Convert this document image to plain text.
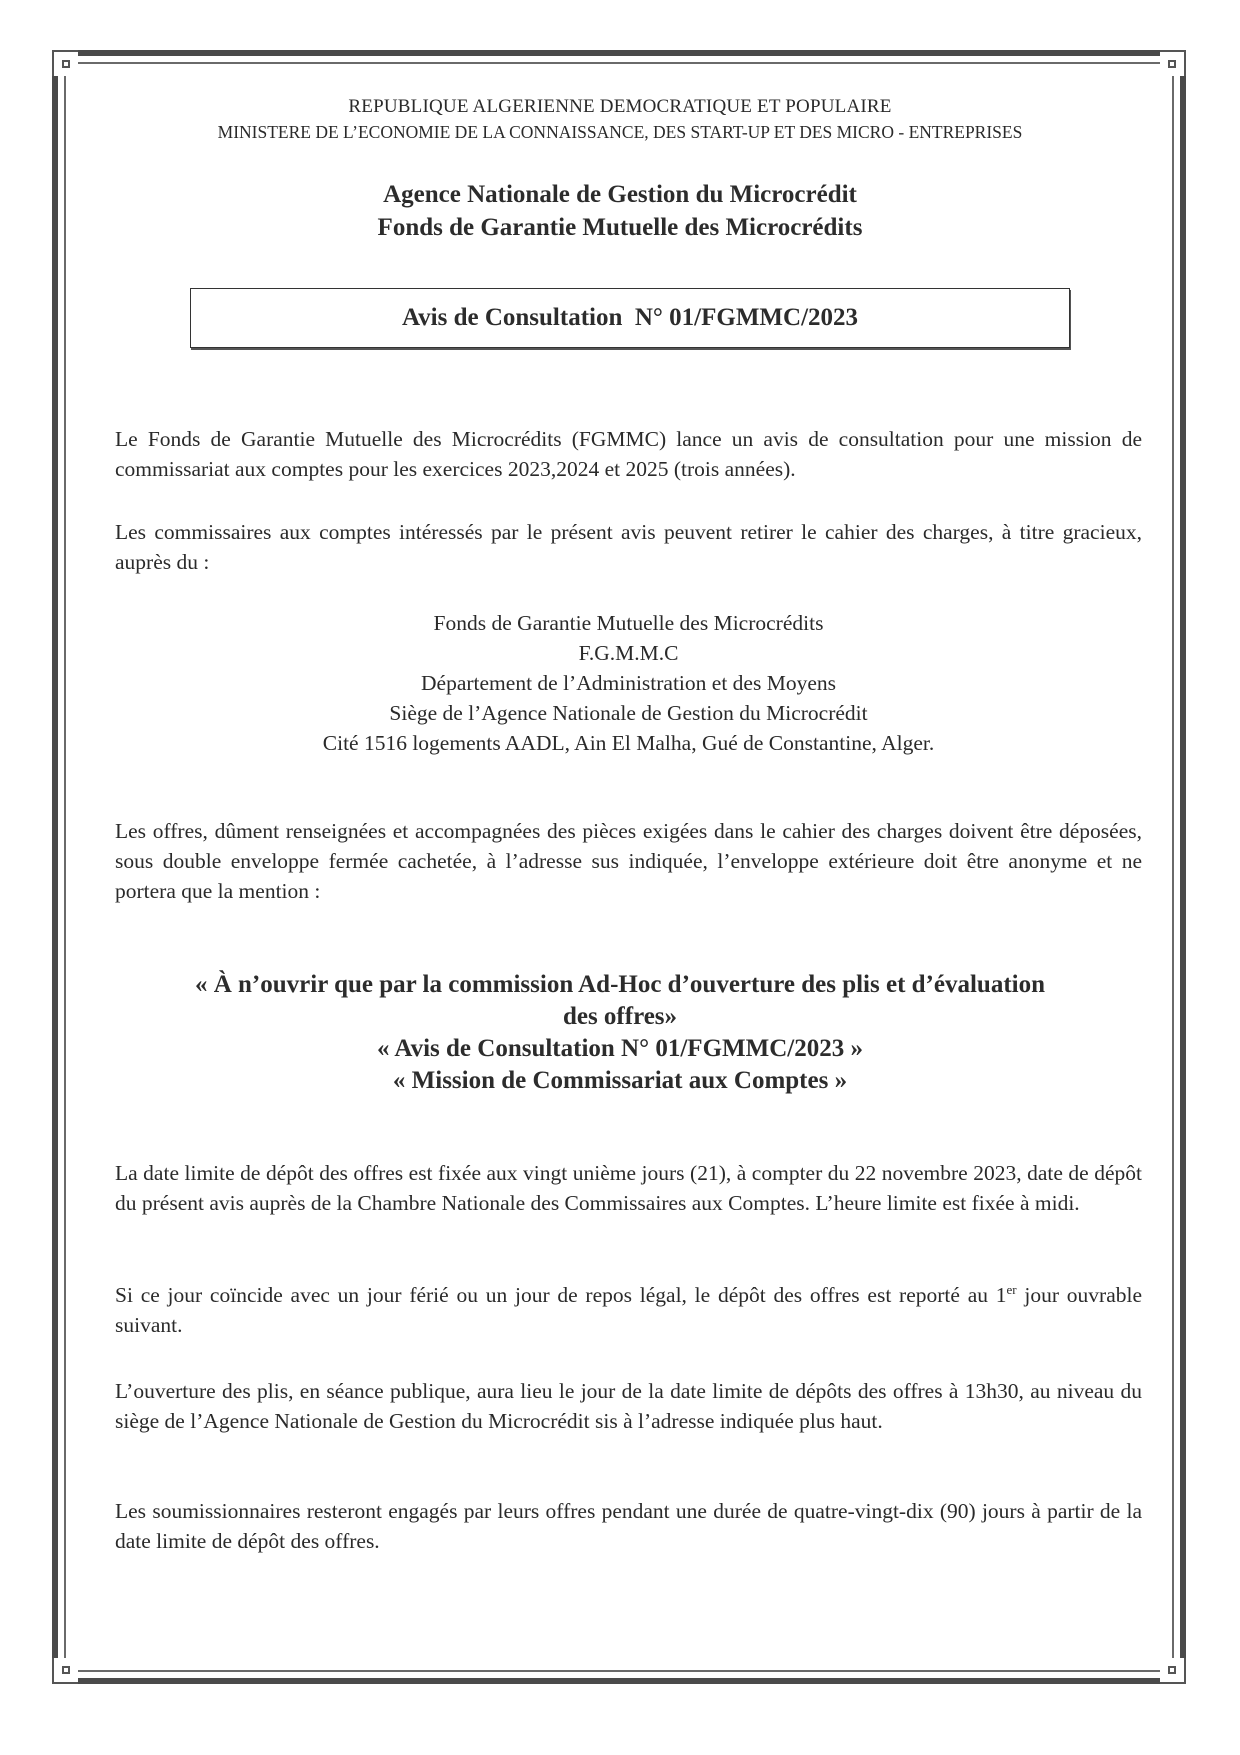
REPUBLIQUE ALGERIENNE DEMOCRATIQUE ET POPULAIRE
MINISTERE DE L’ECONOMIE DE LA CONNAISSANCE, DES START-UP ET DES MICRO - ENTREPRISES
Agence Nationale de Gestion du Microcrédit
Fonds de Garantie Mutuelle des Microcrédits
Avis de Consultation  N° 01/FGMMC/2023
Le Fonds de Garantie Mutuelle des Microcrédits (FGMMC) lance un avis de consultation pour une mission de commissariat aux comptes pour les exercices 2023,2024 et 2025 (trois années).
Les commissaires aux comptes intéressés par le présent avis peuvent retirer le cahier des charges, à titre gracieux, auprès du :
Fonds de Garantie Mutuelle des Microcrédits
F.G.M.M.C
Département de l’Administration et des Moyens
Siège de l’Agence Nationale de Gestion du Microcrédit
Cité 1516 logements AADL, Ain El Malha, Gué de Constantine, Alger.
Les offres, dûment renseignées et accompagnées des pièces exigées dans le cahier des charges doivent être déposées, sous double enveloppe fermée cachetée, à l’adresse sus indiquée, l’enveloppe extérieure doit être anonyme et ne portera que la mention :
« À n’ouvrir que par la commission Ad-Hoc d’ouverture des plis et d’évaluation des offres»
« Avis de Consultation N° 01/FGMMC/2023 »
« Mission de Commissariat aux Comptes »
La date limite de dépôt des offres est fixée aux vingt unième jours (21), à compter du 22 novembre 2023, date de dépôt du présent avis auprès de la Chambre Nationale des Commissaires aux Comptes. L’heure limite est fixée à midi.
Si ce jour coïncide avec un jour férié ou un jour de repos légal, le dépôt des offres est reporté au 1er jour ouvrable suivant.
L’ouverture des plis, en séance publique, aura lieu le jour de la date limite de dépôts des offres à 13h30, au niveau du siège de l’Agence Nationale de Gestion du Microcrédit sis à l’adresse indiquée plus haut.
Les soumissionnaires resteront engagés par leurs offres pendant une durée de quatre-vingt-dix (90) jours à partir de la date limite de dépôt des offres.
